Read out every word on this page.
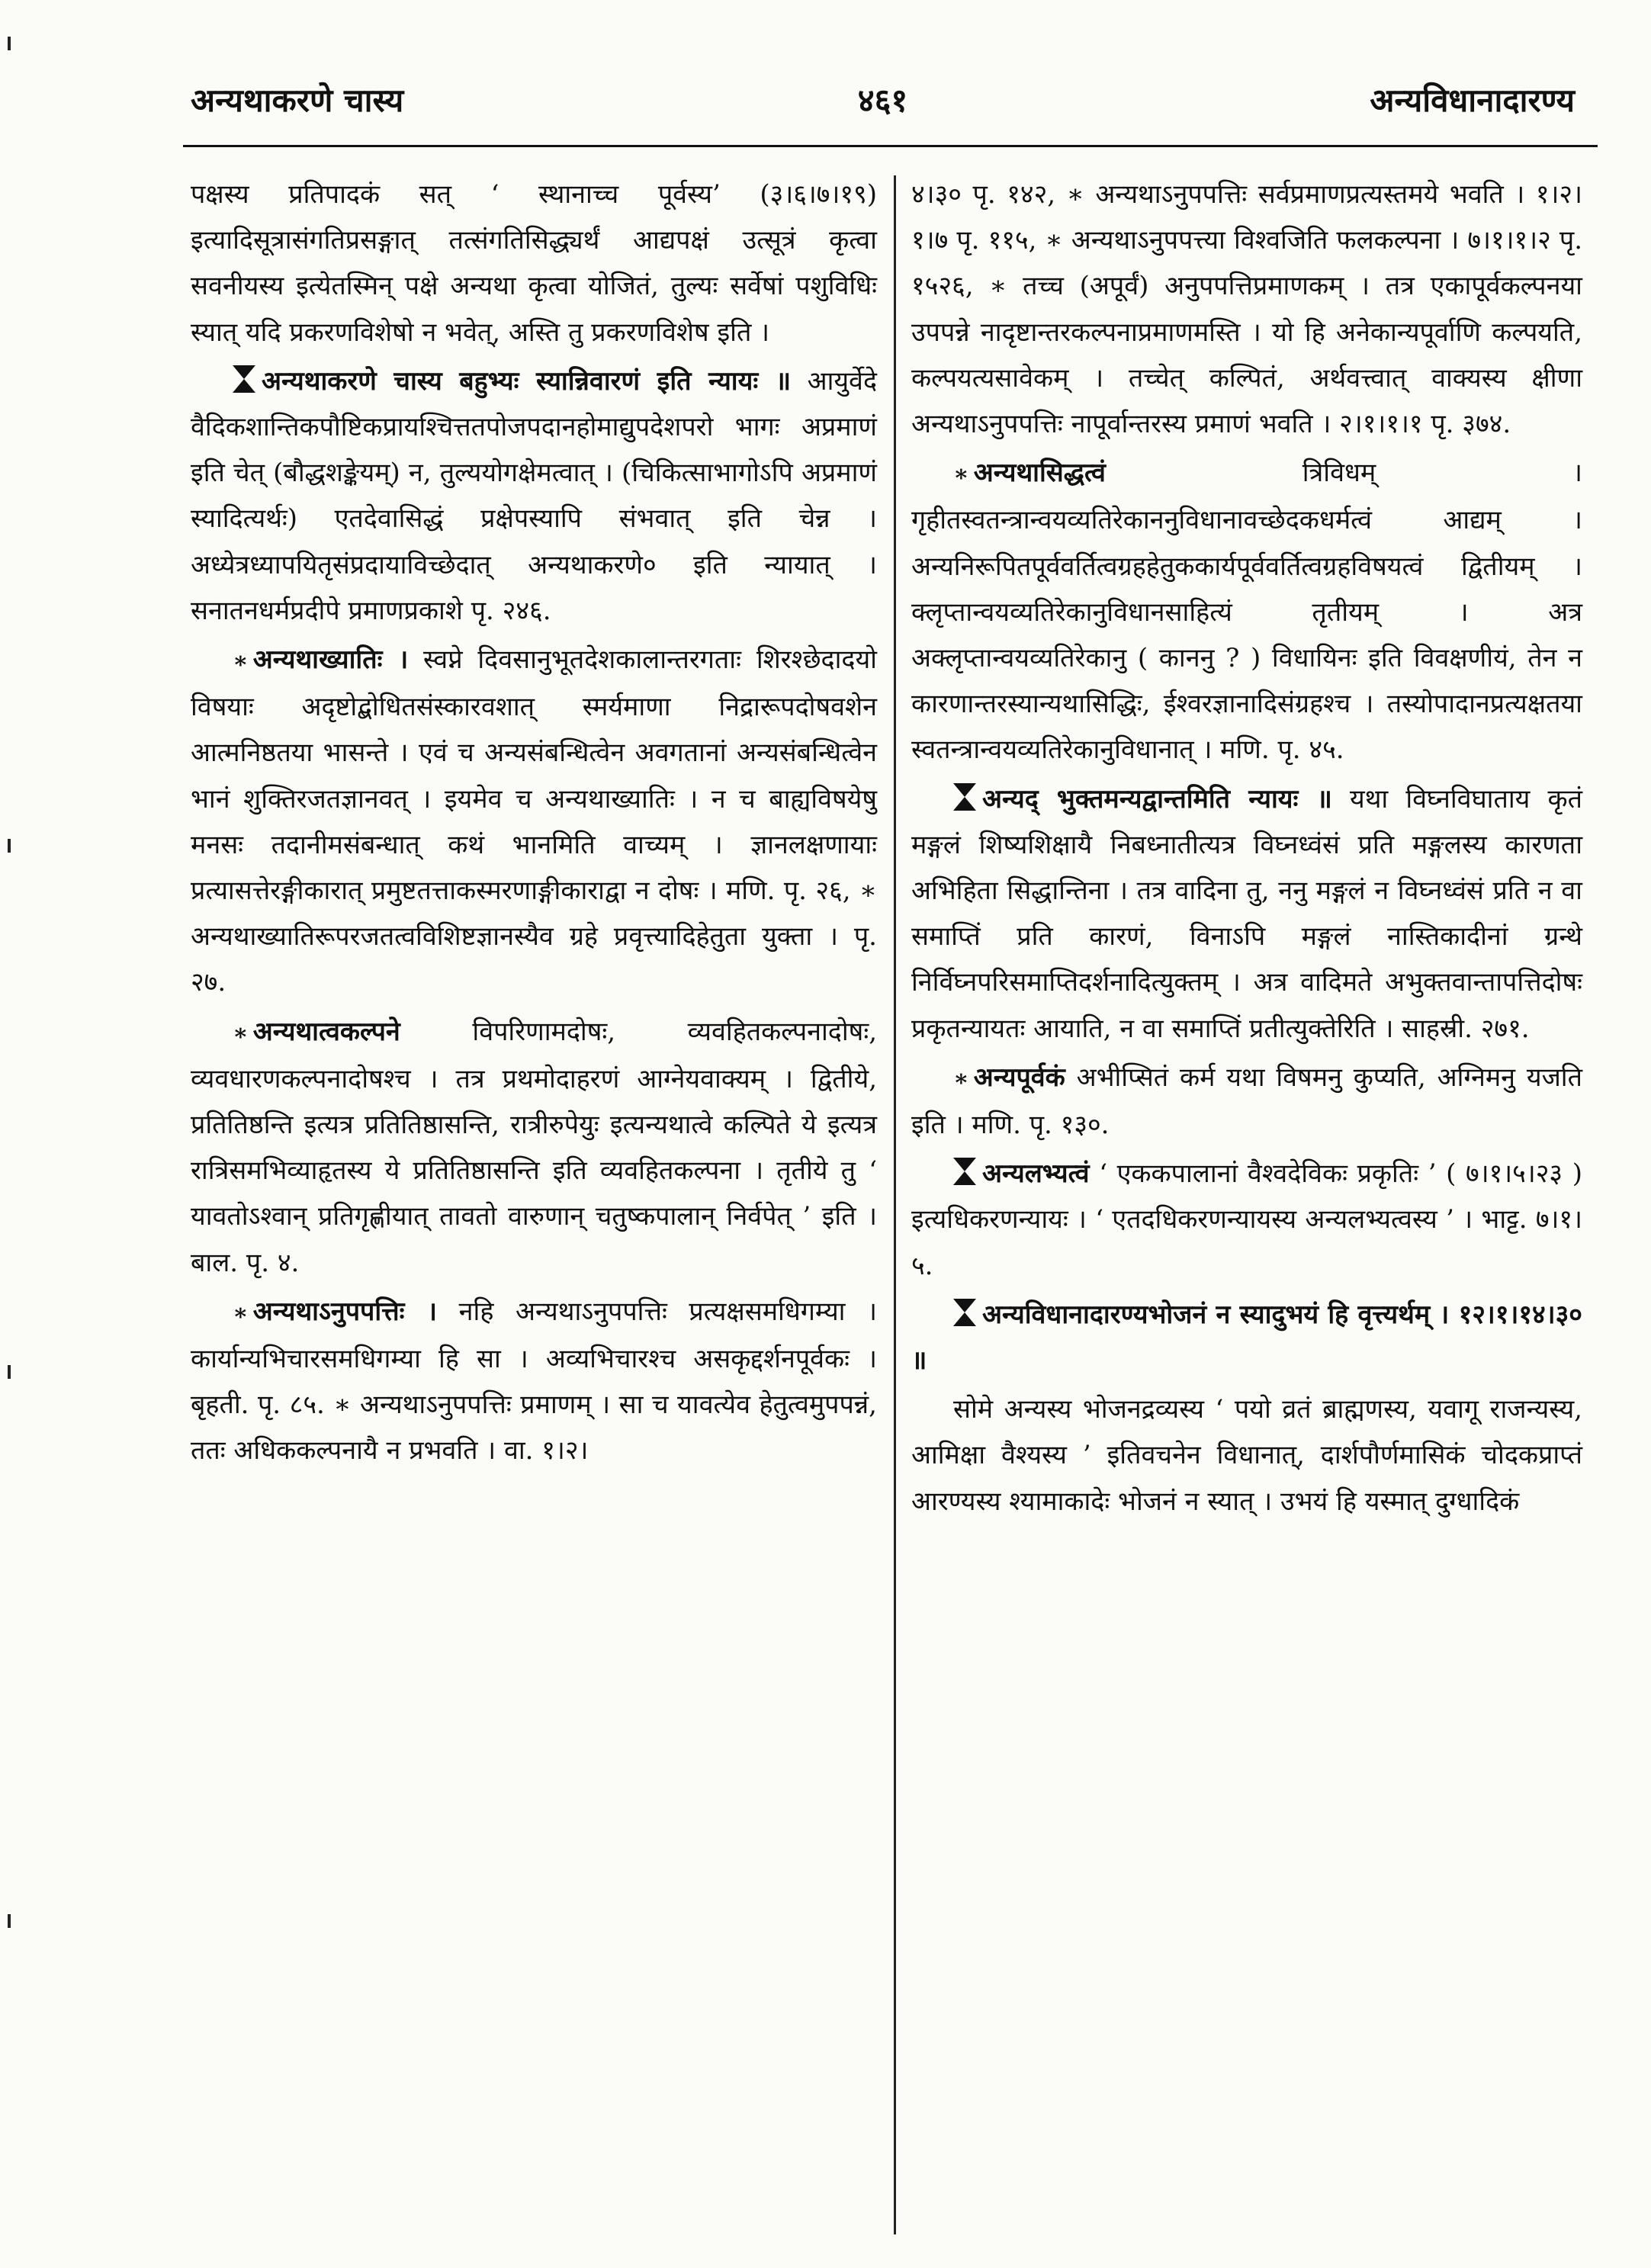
अन्यथाकरणे चास्य	४६१	अन्यविधानादारण्य

पक्षस्य प्रतिपादकं सत् ‘ स्थानाच्च पूर्वस्य’ (३।६।७।१९) इत्यादिसूत्रासंगतिप्रसङ्गात् तत्संगतिसिद्ध्यर्थं आद्यपक्षं उत्सूत्रं कृत्वा सवनीयस्य इत्येतस्मिन् पक्षे अन्यथा कृत्वा योजितं, तुल्यः सर्वेषां पशुविधिः स्यात् यदि प्रकरणविशेषो न भवेत्, अस्ति तु प्रकरणविशेष इति ।

अन्यथाकरणे चास्य बहुभ्यः स्यान्निवारणं इति न्यायः ॥ आयुर्वेदे वैदिकशान्तिकपौष्टिकप्रायश्चित्ततपोजपदानहोमाद्युपदेशपरो भागः अप्रमाणं इति चेत् (बौद्धशङ्केयम्) न, तुल्ययोगक्षेमत्वात् । (चिकित्साभागोऽपि अप्रमाणं स्यादित्यर्थः) एतदेवासिद्धं प्रक्षेपस्यापि संभवात् इति चेन्न । अध्येत्रध्यापयितृसंप्रदायाविच्छेदात् अन्यथाकरणे० इति न्यायात् । सनातनधर्मप्रदीपे प्रमाणप्रकाशे पृ. २४६.

∗ अन्यथाख्यातिः । स्वप्ने दिवसानुभूतदेशकालान्तरगताः शिरश्छेदादयो विषयाः अदृष्टोद्बोधितसंस्कारवशात् स्मर्यमाणा निद्रारूपदोषवशेन आत्मनिष्ठतया भासन्ते । एवं च अन्यसंबन्धित्वेन अवगतानां अन्यसंबन्धित्वेन भानं शुक्तिरजतज्ञानवत् । इयमेव च अन्यथाख्यातिः । न च बाह्यविषयेषु मनसः तदानीमसंबन्धात् कथं भानमिति वाच्यम् । ज्ञानलक्षणायाः प्रत्यासत्तेरङ्गीकारात् प्रमुष्टतत्ताकस्मरणाङ्गीकाराद्वा न दोषः । मणि. पृ. २६, ∗ अन्यथाख्यातिरूपरजतत्वविशिष्टज्ञानस्यैव ग्रहे प्रवृत्त्यादिहेतुता युक्ता । पृ. २७.

∗ अन्यथात्वकल्पने विपरिणामदोषः, व्यवहितकल्पनादोषः, व्यवधारणकल्पनादोषश्च । तत्र प्रथमोदाहरणं आग्नेयवाक्यम् । द्वितीये, प्रतितिष्ठन्ति इत्यत्र प्रतितिष्ठासन्ति, रात्रीरुपेयुः इत्यन्यथात्वे कल्पिते ये इत्यत्र रात्रिसमभिव्याहृतस्य ये प्रतितिष्ठासन्ति इति व्यवहितकल्पना । तृतीये तु ‘ यावतोऽश्वान् प्रतिगृह्णीयात् तावतो वारुणान् चतुष्कपालान् निर्वपेत् ’ इति । बाल. पृ. ४.

∗ अन्यथाऽनुपपत्तिः । नहि अन्यथाऽनुपपत्तिः प्रत्यक्षसमधिगम्या । कार्यान्यभिचारसमधिगम्या हि सा । अव्यभिचारश्च असकृद्दर्शनपूर्वकः । बृहती. पृ. ८५. ∗ अन्यथाऽनुपपत्तिः प्रमाणम् । सा च यावत्येव हेतुत्वमुपपन्नं, ततः अधिककल्पनायै न प्रभवति । वा. १।२।

४।३० पृ. १४२, ∗ अन्यथाऽनुपपत्तिः सर्वप्रमाणप्रत्यस्तमये भवति । १।२।१।७ पृ. ११५, ∗ अन्यथाऽनुपपत्त्या विश्वजिति फलकल्पना । ७।१।१।२ पृ. १५२६, ∗ तच्च (अपूर्वं) अनुपपत्तिप्रमाणकम् । तत्र एकापूर्वकल्पनया उपपन्ने नादृष्टान्तरकल्पनाप्रमाणमस्ति । यो हि अनेकान्यपूर्वाणि कल्पयति, कल्पयत्यसावेकम् । तच्चेत् कल्पितं, अर्थवत्त्वात् वाक्यस्य क्षीणा अन्यथाऽनुपपत्तिः नापूर्वान्तरस्य प्रमाणं भवति । २।१।१।१ पृ. ३७४.

∗ अन्यथासिद्धत्वं त्रिविधम् । गृहीतस्वतन्त्रान्वयव्यतिरेकाननुविधानावच्छेदकधर्मत्वं आद्यम् । अन्यनिरूपितपूर्ववर्तित्वग्रहहेतुककार्यपूर्ववर्तित्वग्रहविषयत्वं द्वितीयम् । क्लृप्तान्वयव्यतिरेकानुविधानसाहित्यं तृतीयम् । अत्र अक्लृप्तान्वयव्यतिरेकानु ( काननु ? ) विधायिनः इति विवक्षणीयं, तेन न कारणान्तरस्यान्यथासिद्धिः, ईश्वरज्ञानादिसंग्रहश्च । तस्योपादानप्रत्यक्षतया स्वतन्त्रान्वयव्यतिरेकानुविधानात् । मणि. पृ. ४५.

अन्यद् भुक्तमन्यद्वान्तमिति न्यायः ॥ यथा विघ्नविघाताय कृतं मङ्गलं शिष्यशिक्षायै निबध्नातीत्यत्र विघ्नध्वंसं प्रति मङ्गलस्य कारणता अभिहिता सिद्धान्तिना । तत्र वादिना तु, ननु मङ्गलं न विघ्नध्वंसं प्रति न वा समाप्तिं प्रति कारणं, विनाऽपि मङ्गलं नास्तिकादीनां ग्रन्थे निर्विघ्नपरिसमाप्तिदर्शनादित्युक्तम् । अत्र वादिमते अभुक्तवान्तापत्तिदोषः प्रकृतन्यायतः आयाति, न वा समाप्तिं प्रतीत्युक्तेरिति । साहस्री. २७१.

∗ अन्यपूर्वकं अभीप्सितं कर्म यथा विषमनु कुप्यति, अग्निमनु यजति इति । मणि. पृ. १३०.

अन्यलभ्यत्वं ‘ एककपालानां वैश्वदेविकः प्रकृतिः ’ ( ७।१।५।२३ ) इत्यधिकरणन्यायः । ‘ एतदधिकरणन्यायस्य अन्यलभ्यत्वस्य ’ । भाट्ट. ७।१।५.

अन्यविधानादारण्यभोजनं न स्यादुभयं हि वृत्त्यर्थम् । १२।१।१४।३० ॥

सोमे अन्यस्य भोजनद्रव्यस्य ‘ पयो व्रतं ब्राह्मणस्य, यवागू राजन्यस्य, आमिक्षा वैश्यस्य ’ इतिवचनेन विधानात्, दार्शपौर्णमासिकं चोदकप्राप्तं आरण्यस्य श्यामाकादेः भोजनं न स्यात् । उभयं हि यस्मात् दुग्धादिकं
